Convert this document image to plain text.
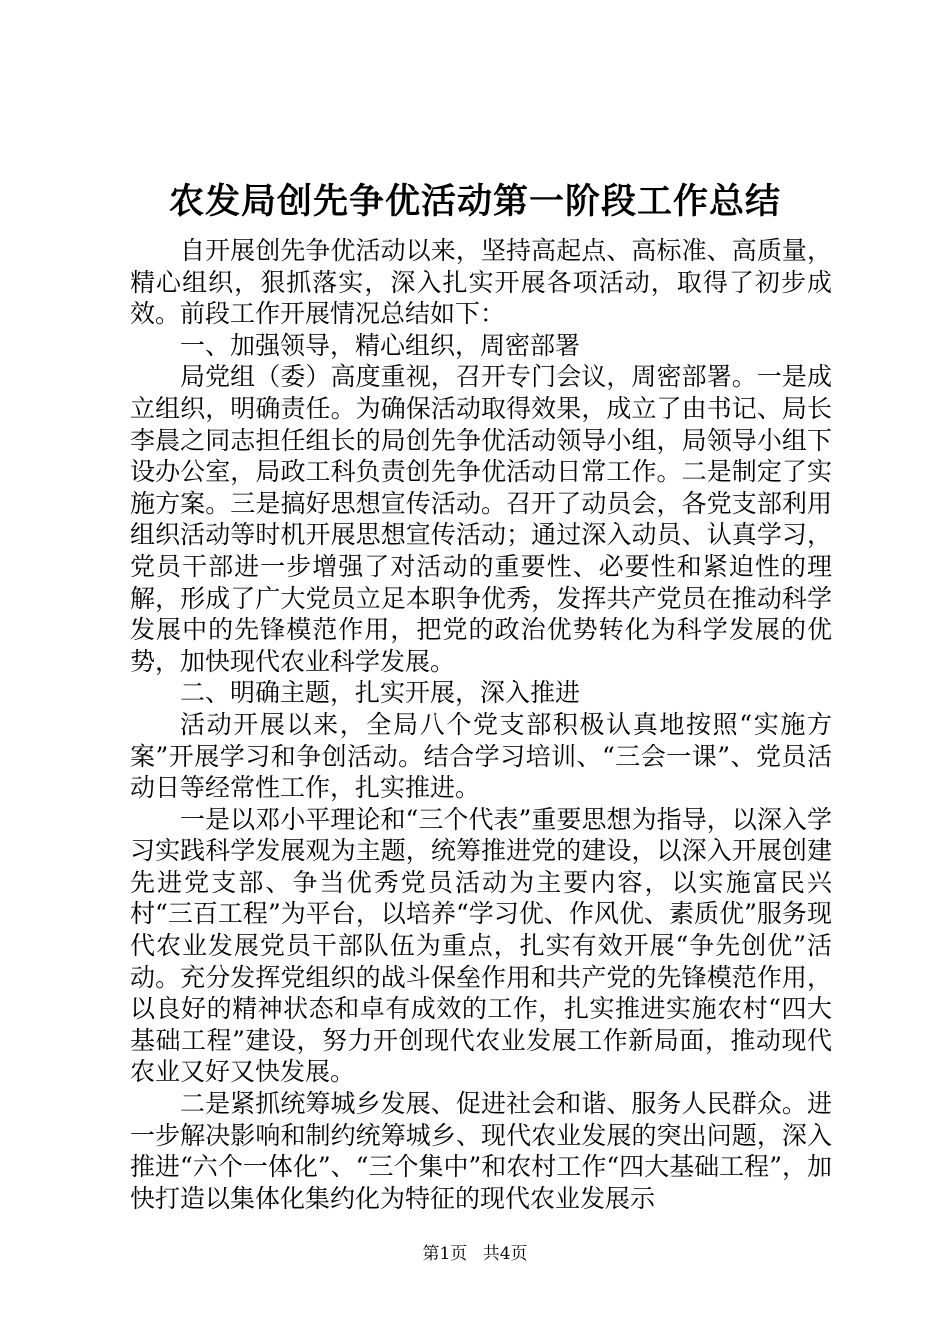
农发局创先争优活动第一阶段工作总结

自开展创先争优活动以来，坚持高起点、高标准、高质量，精心组织，狠抓落实，深入扎实开展各项活动，取得了初步成效。前段工作开展情况总结如下：

一、加强领导，精心组织，周密部署

局党组（委）高度重视，召开专门会议，周密部署。一是成立组织，明确责任。为确保活动取得效果，成立了由书记、局长李晨之同志担任组长的局创先争优活动领导小组，局领导小组下设办公室，局政工科负责创先争优活动日常工作。二是制定了实施方案。三是搞好思想宣传活动。召开了动员会，各党支部利用组织活动等时机开展思想宣传活动；通过深入动员、认真学习，党员干部进一步增强了对活动的重要性、必要性和紧迫性的理解，形成了广大党员立足本职争优秀，发挥共产党员在推动科学发展中的先锋模范作用，把党的政治优势转化为科学发展的优势，加快现代农业科学发展。

二、明确主题，扎实开展，深入推进

活动开展以来，全局八个党支部积极认真地按照“实施方案”开展学习和争创活动。结合学习培训、“三会一课”、党员活动日等经常性工作，扎实推进。

一是以邓小平理论和“三个代表”重要思想为指导，以深入学习实践科学发展观为主题，统筹推进党的建设，以深入开展创建先进党支部、争当优秀党员活动为主要内容，以实施富民兴村“三百工程”为平台，以培养“学习优、作风优、素质优”服务现代农业发展党员干部队伍为重点，扎实有效开展“争先创优”活动。充分发挥党组织的战斗保垒作用和共产党的先锋模范作用，以良好的精神状态和卓有成效的工作，扎实推进实施农村“四大基础工程”建设，努力开创现代农业发展工作新局面，推动现代农业又好又快发展。

二是紧抓统筹城乡发展、促进社会和谐、服务人民群众。进一步解决影响和制约统筹城乡、现代农业发展的突出问题，深入推进“六个一体化”、“三个集中”和农村工作“四大基础工程”，加快打造以集体化集约化为特征的现代农业发展示

第1页 共4页
